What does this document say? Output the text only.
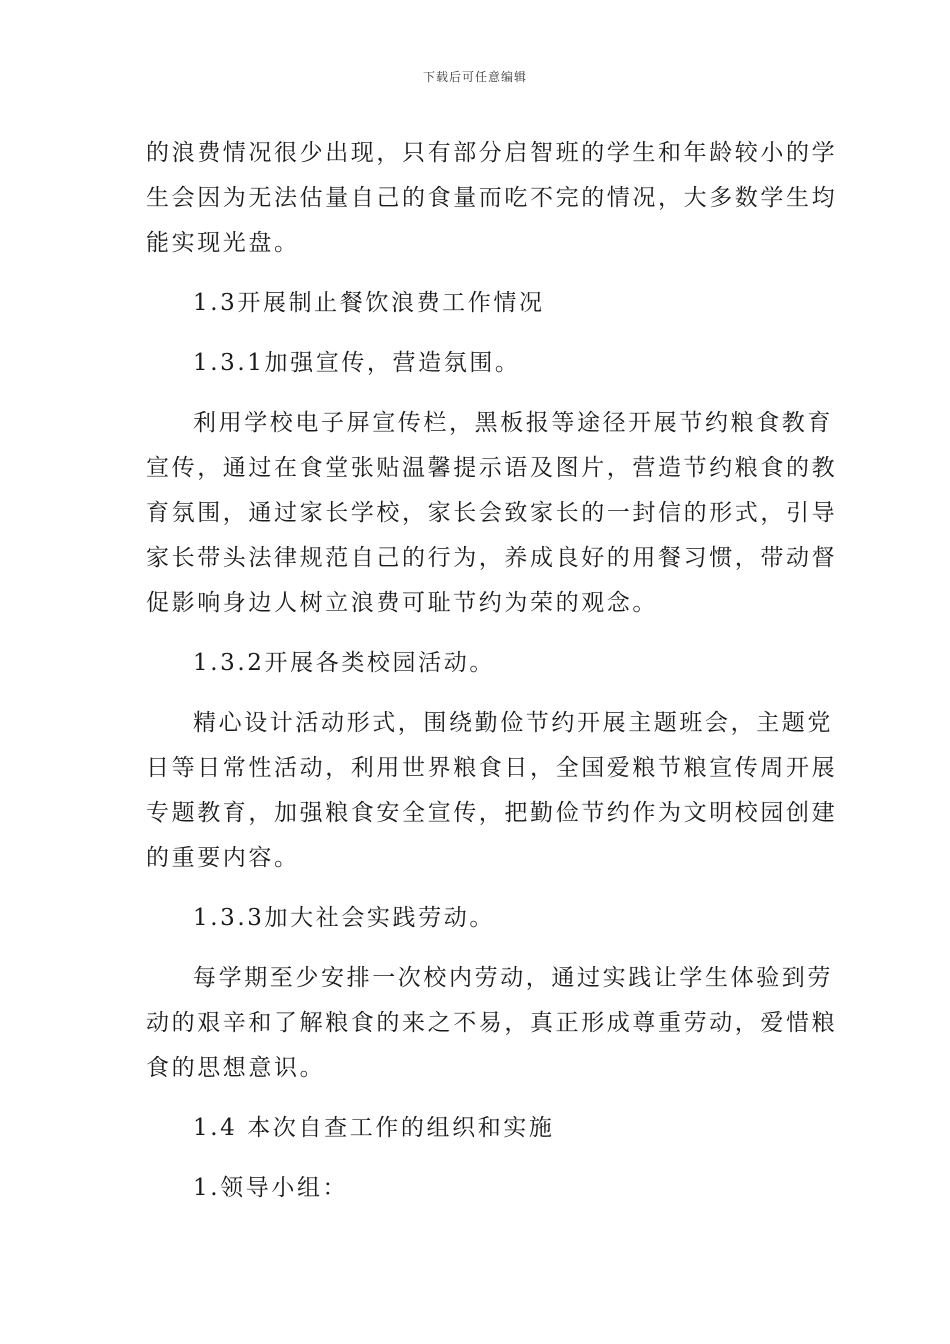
下载后可任意编辑
的浪费情况很少出现，只有部分启智班的学生和年龄较小的学
生会因为无法估量自己的食量而吃不完的情况，大多数学生均
能实现光盘。
1.3开展制止餐饮浪费工作情况
1.3.1加强宣传，营造氛围。
利用学校电子屏宣传栏，黑板报等途径开展节约粮食教育
宣传，通过在食堂张贴温馨提示语及图片，营造节约粮食的教
育氛围，通过家长学校，家长会致家长的一封信的形式，引导
家长带头法律规范自己的行为，养成良好的用餐习惯，带动督
促影响身边人树立浪费可耻节约为荣的观念。
1.3.2开展各类校园活动。
精心设计活动形式，围绕勤俭节约开展主题班会，主题党
日等日常性活动，利用世界粮食日，全国爱粮节粮宣传周开展
专题教育，加强粮食安全宣传，把勤俭节约作为文明校园创建
的重要内容。
1.3.3加大社会实践劳动。
每学期至少安排一次校内劳动，通过实践让学生体验到劳
动的艰辛和了解粮食的来之不易，真正形成尊重劳动，爱惜粮
食的思想意识。
1.4 本次自查工作的组织和实施
1.领导小组：
